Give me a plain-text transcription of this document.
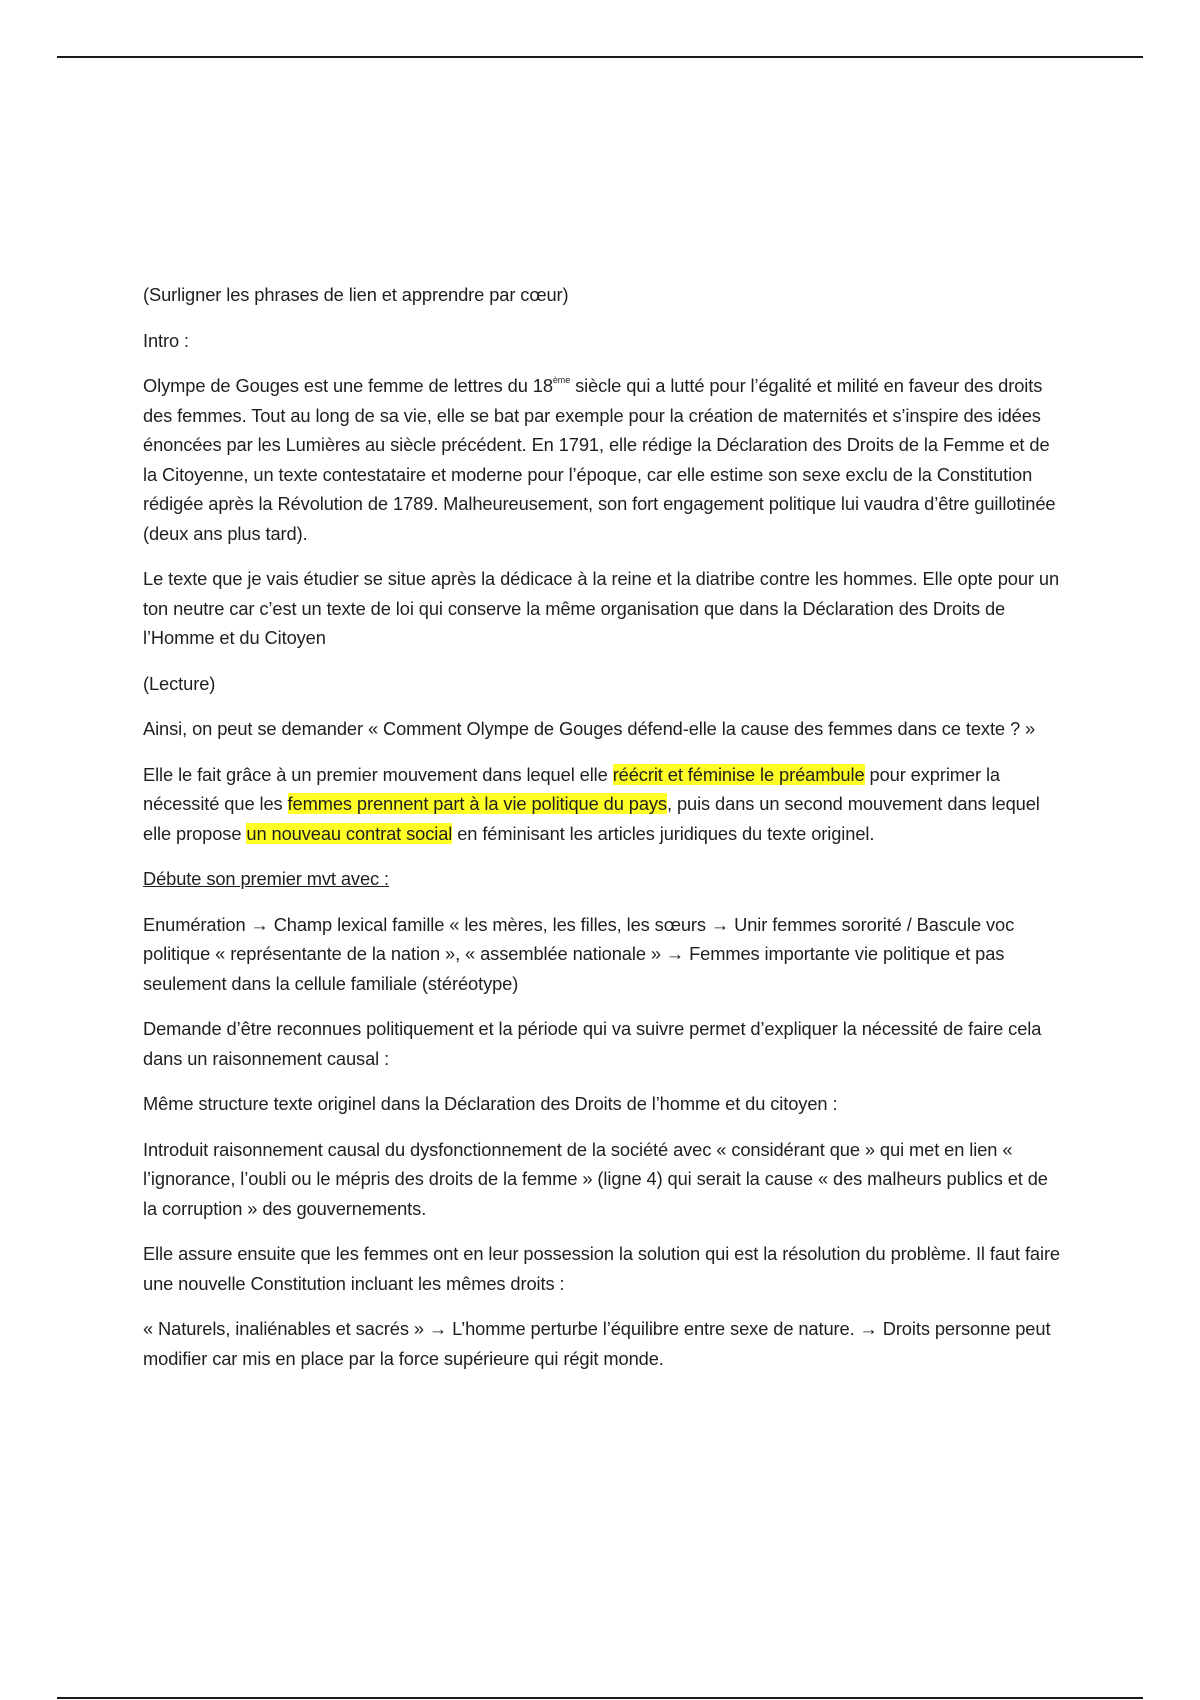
(Surligner les phrases de lien et apprendre par cœur)

Intro :

Olympe de Gouges est une femme de lettres du 18ème siècle qui a lutté pour l’égalité et milité en faveur des droits des femmes. Tout au long de sa vie, elle se bat par exemple pour la création de maternités et s’inspire des idées énoncées par les Lumières au siècle précédent. En 1791, elle rédige la Déclaration des Droits de la Femme et de la Citoyenne, un texte contestataire et moderne pour l’époque, car elle estime son sexe exclu de la Constitution rédigée après la Révolution de 1789. Malheureusement, son fort engagement politique lui vaudra d’être guillotinée (deux ans plus tard).

Le texte que je vais étudier se situe après la dédicace à la reine et la diatribe contre les hommes. Elle opte pour un ton neutre car c’est un texte de loi qui conserve la même organisation que dans la Déclaration des Droits de l’Homme et du Citoyen

(Lecture)

Ainsi, on peut se demander « Comment Olympe de Gouges défend-elle la cause des femmes dans ce texte ? »

Elle le fait grâce à un premier mouvement dans lequel elle réécrit et féminise le préambule pour exprimer la nécessité que les femmes prennent part à la vie politique du pays, puis dans un second mouvement dans lequel elle propose un nouveau contrat social en féminisant les articles juridiques du texte originel.

Débute son premier mvt avec :

Enumération → Champ lexical famille « les mères, les filles, les sœurs → Unir femmes sororité / Bascule voc politique « représentante de la nation », « assemblée nationale » → Femmes importante vie politique et pas seulement dans la cellule familiale (stéréotype)

Demande d’être reconnues politiquement et la période qui va suivre permet d’expliquer la nécessité de faire cela dans un raisonnement causal :

Même structure texte originel dans la Déclaration des Droits de l’homme et du citoyen :

Introduit raisonnement causal du dysfonctionnement de la société avec « considérant que » qui met en lien « l’ignorance, l’oubli ou le mépris des droits de la femme » (ligne 4) qui serait la cause « des malheurs publics et de la corruption » des gouvernements.

Elle assure ensuite que les femmes ont en leur possession la solution qui est la résolution du problème. Il faut faire une nouvelle Constitution incluant les mêmes droits :

« Naturels, inaliénables et sacrés » → L’homme perturbe l’équilibre entre sexe de nature. → Droits personne peut modifier car mis en place par la force supérieure qui régit monde.
